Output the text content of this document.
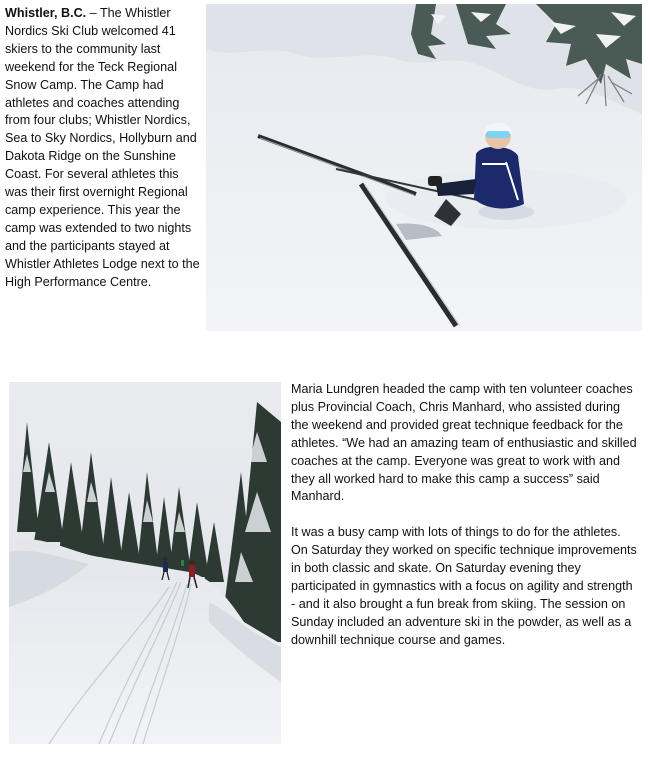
Whistler, B.C. – The Whistler Nordics Ski Club welcomed 41 skiers to the community last weekend for the Teck Regional Snow Camp. The Camp had athletes and coaches attending from four clubs; Whistler Nordics, Sea to Sky Nordics, Hollyburn and Dakota Ridge on the Sunshine Coast. For several athletes this was their first overnight Regional camp experience. This year the camp was extended to two nights and the participants stayed at Whistler Athletes Lodge next to the High Performance Centre.

Maria Lundgren headed the camp with ten volunteer coaches plus Provincial Coach, Chris Manhard, who assisted during the weekend and provided great technique feedback for the athletes. “We had an amazing team of enthusiastic and skilled coaches at the camp. Everyone was great to work with and they all worked hard to make this camp a success” said Manhard.

It was a busy camp with lots of things to do for the athletes. On Saturday they worked on specific technique improvements in both classic and skate. On Saturday evening they participated in gymnastics with a focus on agility and strength - and it also brought a fun break from skiing. The session on Sunday included an adventure ski in the powder, as well as a downhill technique course and games.
